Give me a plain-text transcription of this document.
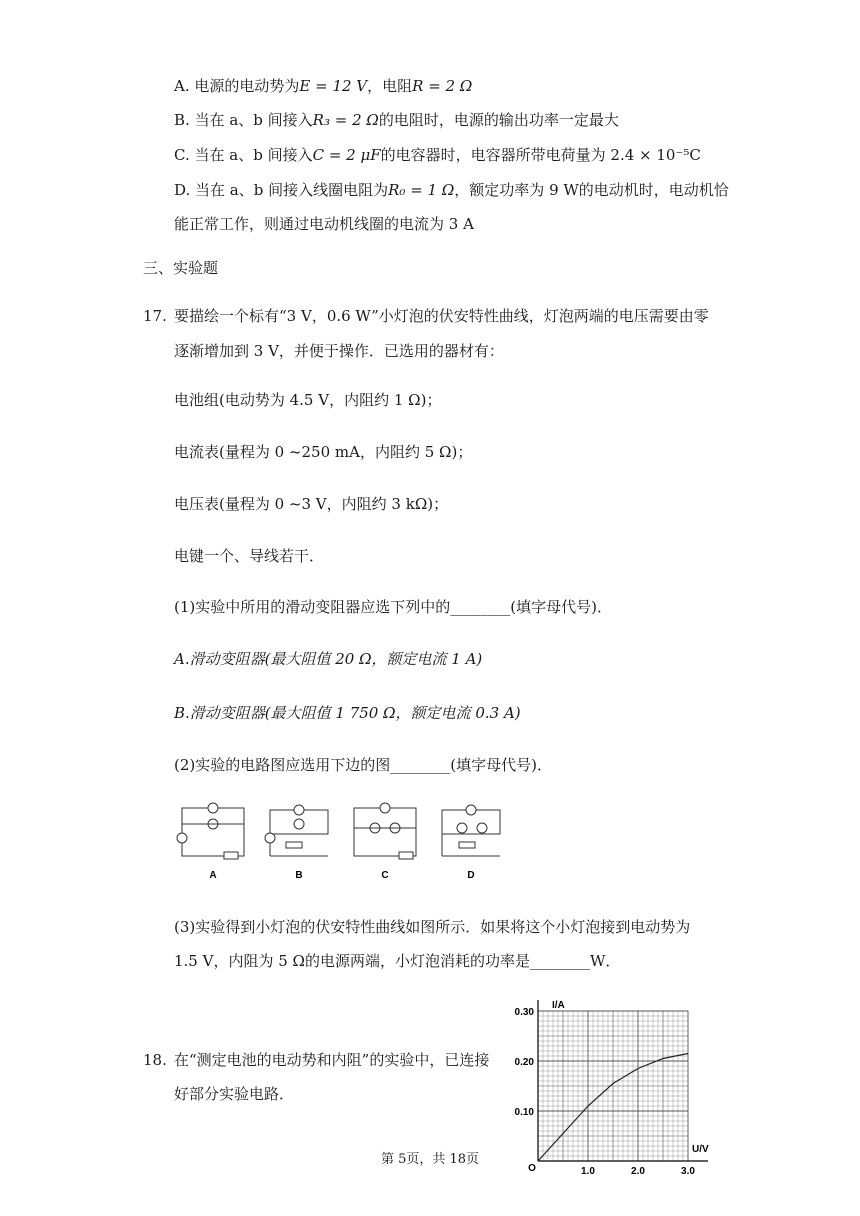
A. 电源的电动势为E = 12 V，电阻R = 2 Ω
B. 当在 a、b 间接入R₃ = 2 Ω的电阻时，电源的输出功率一定最大
C. 当在 a、b 间接入C = 2 μF的电容器时，电容器所带电荷量为 2.4 × 10⁻⁵C
D. 当在 a、b 间接入线圈电阻为R₀ = 1 Ω，额定功率为 9 W的电动机时，电动机恰
能正常工作，则通过电动机线圈的电流为 3 A
三、实验题
17. 要描绘一个标有“3 V，0.6 W”小灯泡的伏安特性曲线，灯泡两端的电压需要由零
逐渐增加到 3 V，并便于操作．已选用的器材有：
电池组(电动势为 4.5 V，内阻约 1 Ω)；
电流表(量程为 0 ~250 mA，内阻约 5 Ω)；
电压表(量程为 0 ~3 V，内阻约 3 kΩ)；
电键一个、导线若干．
(1)实验中所用的滑动变阻器应选下列中的________(填字母代号)．
A.滑动变阻器(最大阻值 20 Ω，额定电流 1 A)
B.滑动变阻器(最大阻值 1 750 Ω，额定电流 0.3 A)
(2)实验的电路图应选用下边的图________(填字母代号)．
A	B	C	D
(3)实验得到小灯泡的伏安特性曲线如图所示．如果将这个小灯泡接到电动势为
1.5 V，内阻为 5 Ω的电源两端，小灯泡消耗的功率是________W．
18. 在“测定电池的电动势和内阻”的实验中，已连接
好部分实验电路．
I/A
U/V
O	1.0	2.0	3.0
0.10
0.20
0.30
第 5页，共 18页
